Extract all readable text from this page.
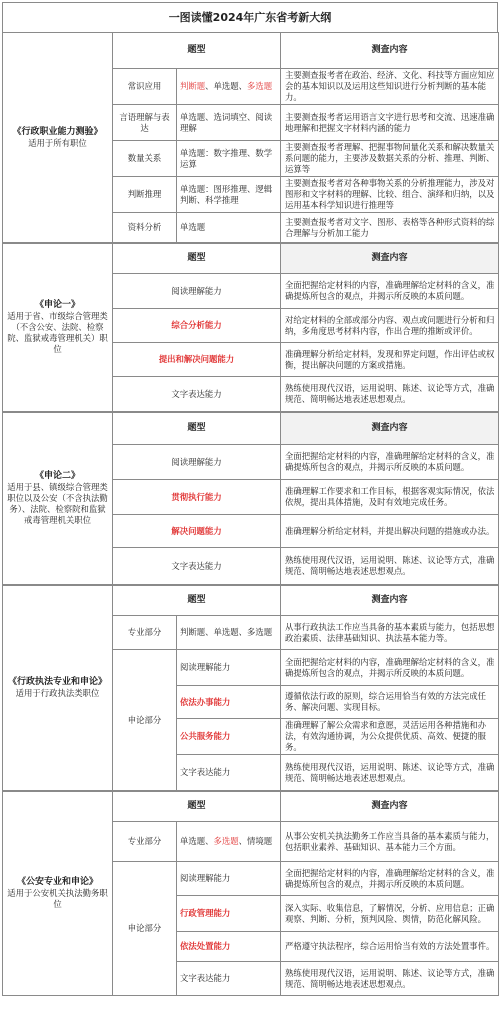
一图读懂2024年广东省考新大纲
《行政职业能力测验》
适用于所有职位	题型		测查内容
	常识应用	判断题、单选题、多选题	主要测查报考者在政治、经济、文化、科技等方面应知应会的基本知识以及运用这些知识进行分析判断的基本能力。
	言语理解与表达	单选题、选词填空、阅读理解	主要测查报考者运用语言文字进行思考和交流、迅速准确地理解和把握文字材料内涵的能力
	数量关系	单选题：数字推理、数学运算	主要测查报考者理解、把握事物间量化关系和解决数量关系问题的能力，主要涉及数据关系的分析、推理、判断、运算等
	判断推理	单选题：图形推理、逻辑判断、科学推理	主要测查报考者对各种事物关系的分析推理能力，涉及对图形和文字材料的理解、比较、组合、演绎和归纳，以及运用基本科学知识进行推理等
	资料分析	单选题	主要测查报考者对文字、图形、表格等各种形式资料的综合理解与分析加工能力
《申论一》
适用于省、市级综合管理类（不含公安、法院、检察院、监狱戒毒管理机关）职位	题型	测查内容
	阅读理解能力	全面把握给定材料的内容，准确理解给定材料的含义，准确提炼所包含的观点，并揭示所反映的本质问题。
	综合分析能力	对给定材料的全部或部分内容、观点或问题进行分析和归纳，多角度思考材料内容，作出合理的推断或评价。
	提出和解决问题能力	准确理解分析给定材料，发现和界定问题，作出评估或权衡，提出解决问题的方案或措施。
	文字表达能力	熟练使用现代汉语，运用说明、陈述、议论等方式，准确规范、简明畅达地表述思想观点。
《申论二》
适用于县、镇级综合管理类职位以及公安（不含执法勤务）、法院、检察院和监狱戒毒管理机关职位	题型	测查内容
	阅读理解能力	全面把握给定材料的内容，准确理解给定材料的含义，准确提炼所包含的观点，并揭示所反映的本质问题。
	贯彻执行能力	准确理解工作要求和工作目标，根据客观实际情况，依法依规，提出具体措施，及时有效地完成任务。
	解决问题能力	准确理解分析给定材料，并提出解决问题的措施或办法。
	文字表达能力	熟练使用现代汉语，运用说明、陈述、议论等方式，准确规范、简明畅达地表述思想观点。
《行政执法专业和申论》
适用于行政执法类职位	题型		测查内容
	专业部分	判断题、单选题、多选题	从事行政执法工作应当具备的基本素质与能力，包括思想政治素质、法律基础知识、执法基本能力等。
	申论部分	阅读理解能力	全面把握给定材料的内容，准确理解给定材料的含义，准确提炼所包含的观点，并揭示所反映的本质问题。
		依法办事能力	遵循依法行政的原则，综合运用恰当有效的方法完成任务、解决问题、实现目标。
		公共服务能力	准确理解了解公众需求和意愿，灵活运用各种措施和办法，有效沟通协调，为公众提供优质、高效、便捷的服务。
		文字表达能力	熟练使用现代汉语，运用说明、陈述、议论等方式，准确规范、简明畅达地表述思想观点。
《公安专业和申论》
适用于公安机关执法勤务职位	题型		测查内容
	专业部分	单选题、多选题、情境题	从事公安机关执法勤务工作应当具备的基本素质与能力，包括职业素养、基础知识、基本能力三个方面。
	申论部分	阅读理解能力	全面把握给定材料的内容，准确理解给定材料的含义，准确提炼所包含的观点，并揭示所反映的本质问题。
		行政管理能力	深入实际、收集信息，了解情况，分析、应用信息；正确观察、判断、分析，预判风险、舆情，防范化解风险。
		依法处置能力	严格遵守执法程序，综合运用恰当有效的方法处置事件。
		文字表达能力	熟练使用现代汉语，运用说明、陈述、议论等方式，准确规范、简明畅达地表述思想观点。
